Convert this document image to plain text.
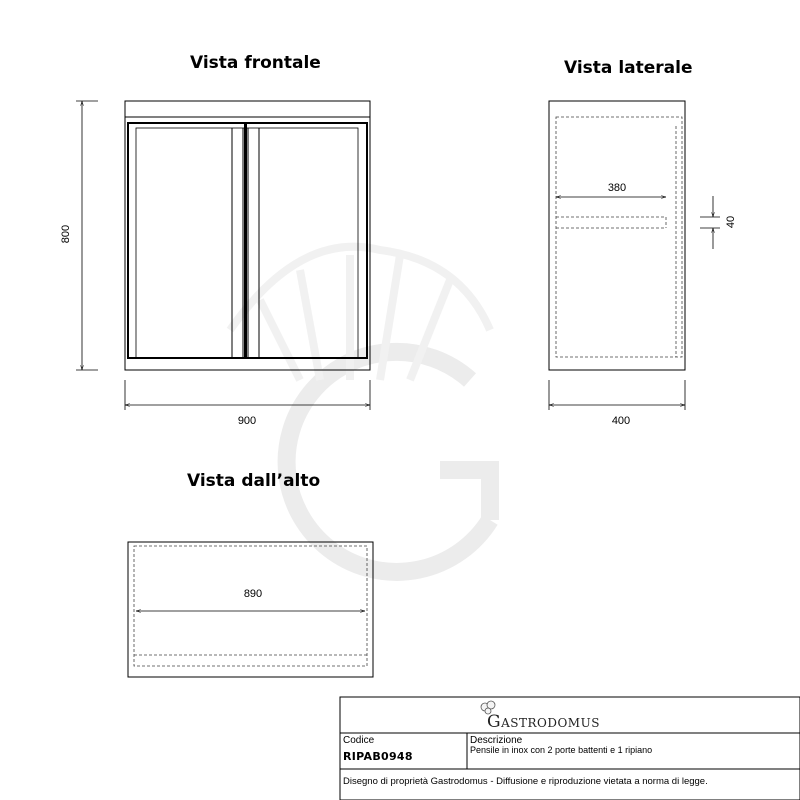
Vista frontale	Vista laterale
Vista dall’alto
800
900	400
380
40
890
Gastrodomus
Codice
RIPAB0948
Descrizione
Pensile in inox con 2 porte battenti e 1 ripiano
Disegno di proprietà Gastrodomus - Diffusione e riproduzione vietata a norma di legge.
